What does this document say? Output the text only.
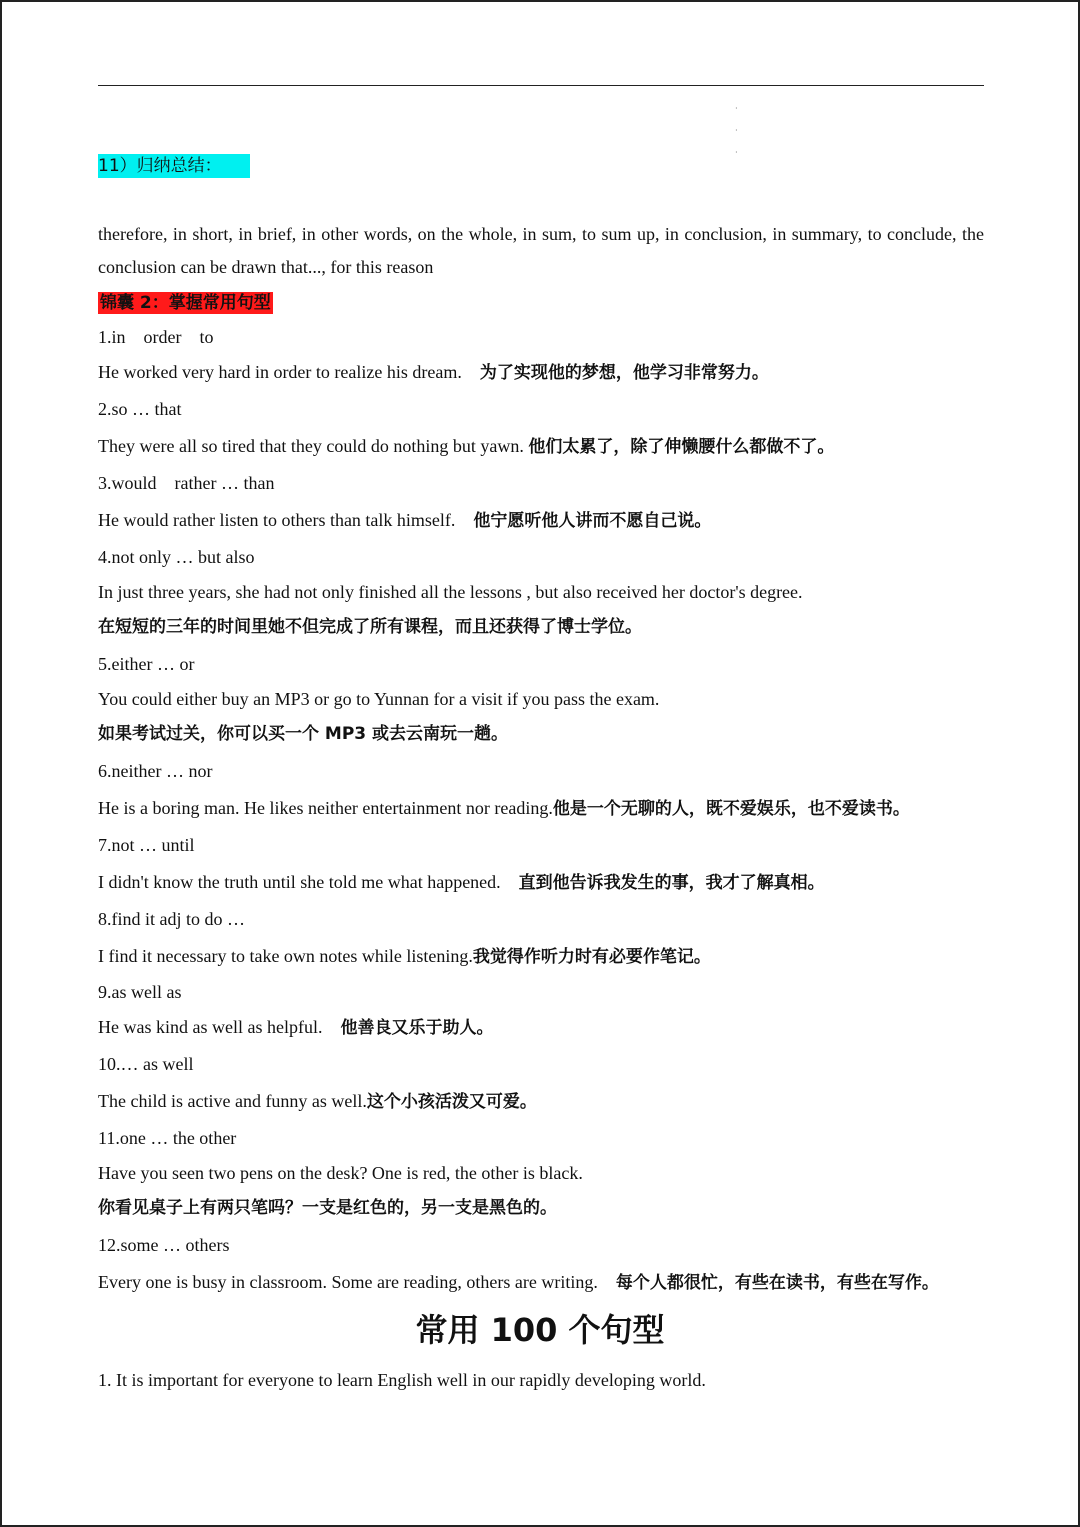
·
·
·
11）归纳总结：
therefore, in short, in brief, in other words, on the whole, in sum, to sum up, in conclusion, in summary, to conclude, the conclusion can be drawn that..., for this reason
锦囊 2：掌握常用句型
1.in    order    to
He worked very hard in order to realize his dream. 为了实现他的梦想，他学习非常努力。
2.so … that
They were all so tired that they could do nothing but yawn. 他们太累了，除了伸懒腰什么都做不了。
3.would    rather … than
He would rather listen to others than talk himself. 他宁愿听他人讲而不愿自己说。
4.not only … but also
In just three years, she had not only finished all the lessons , but also received her doctor's degree.
在短短的三年的时间里她不但完成了所有课程，而且还获得了博士学位。
5.either … or
You could either buy an MP3 or go to Yunnan for a visit if you pass the exam.
如果考试过关，你可以买一个 MP3 或去云南玩一趟。
6.neither … nor
He is a boring man. He likes neither entertainment nor reading.他是一个无聊的人，既不爱娱乐，也不爱读书。
7.not … until
I didn't know the truth until she told me what happened. 直到他告诉我发生的事，我才了解真相。
8.find it adj to do …
I find it necessary to take own notes while listening.我觉得作听力时有必要作笔记。
9.as well as
He was kind as well as helpful. 他善良又乐于助人。
10.… as well
The child is active and funny as well.这个小孩活泼又可爱。
11.one … the other
Have you seen two pens on the desk? One is red, the other is black.
你看见桌子上有两只笔吗？一支是红色的，另一支是黑色的。
12.some … others
Every one is busy in classroom. Some are reading, others are writing. 每个人都很忙，有些在读书，有些在写作。
常用 100 个句型
1. It is important for everyone to learn English well in our rapidly developing world.
